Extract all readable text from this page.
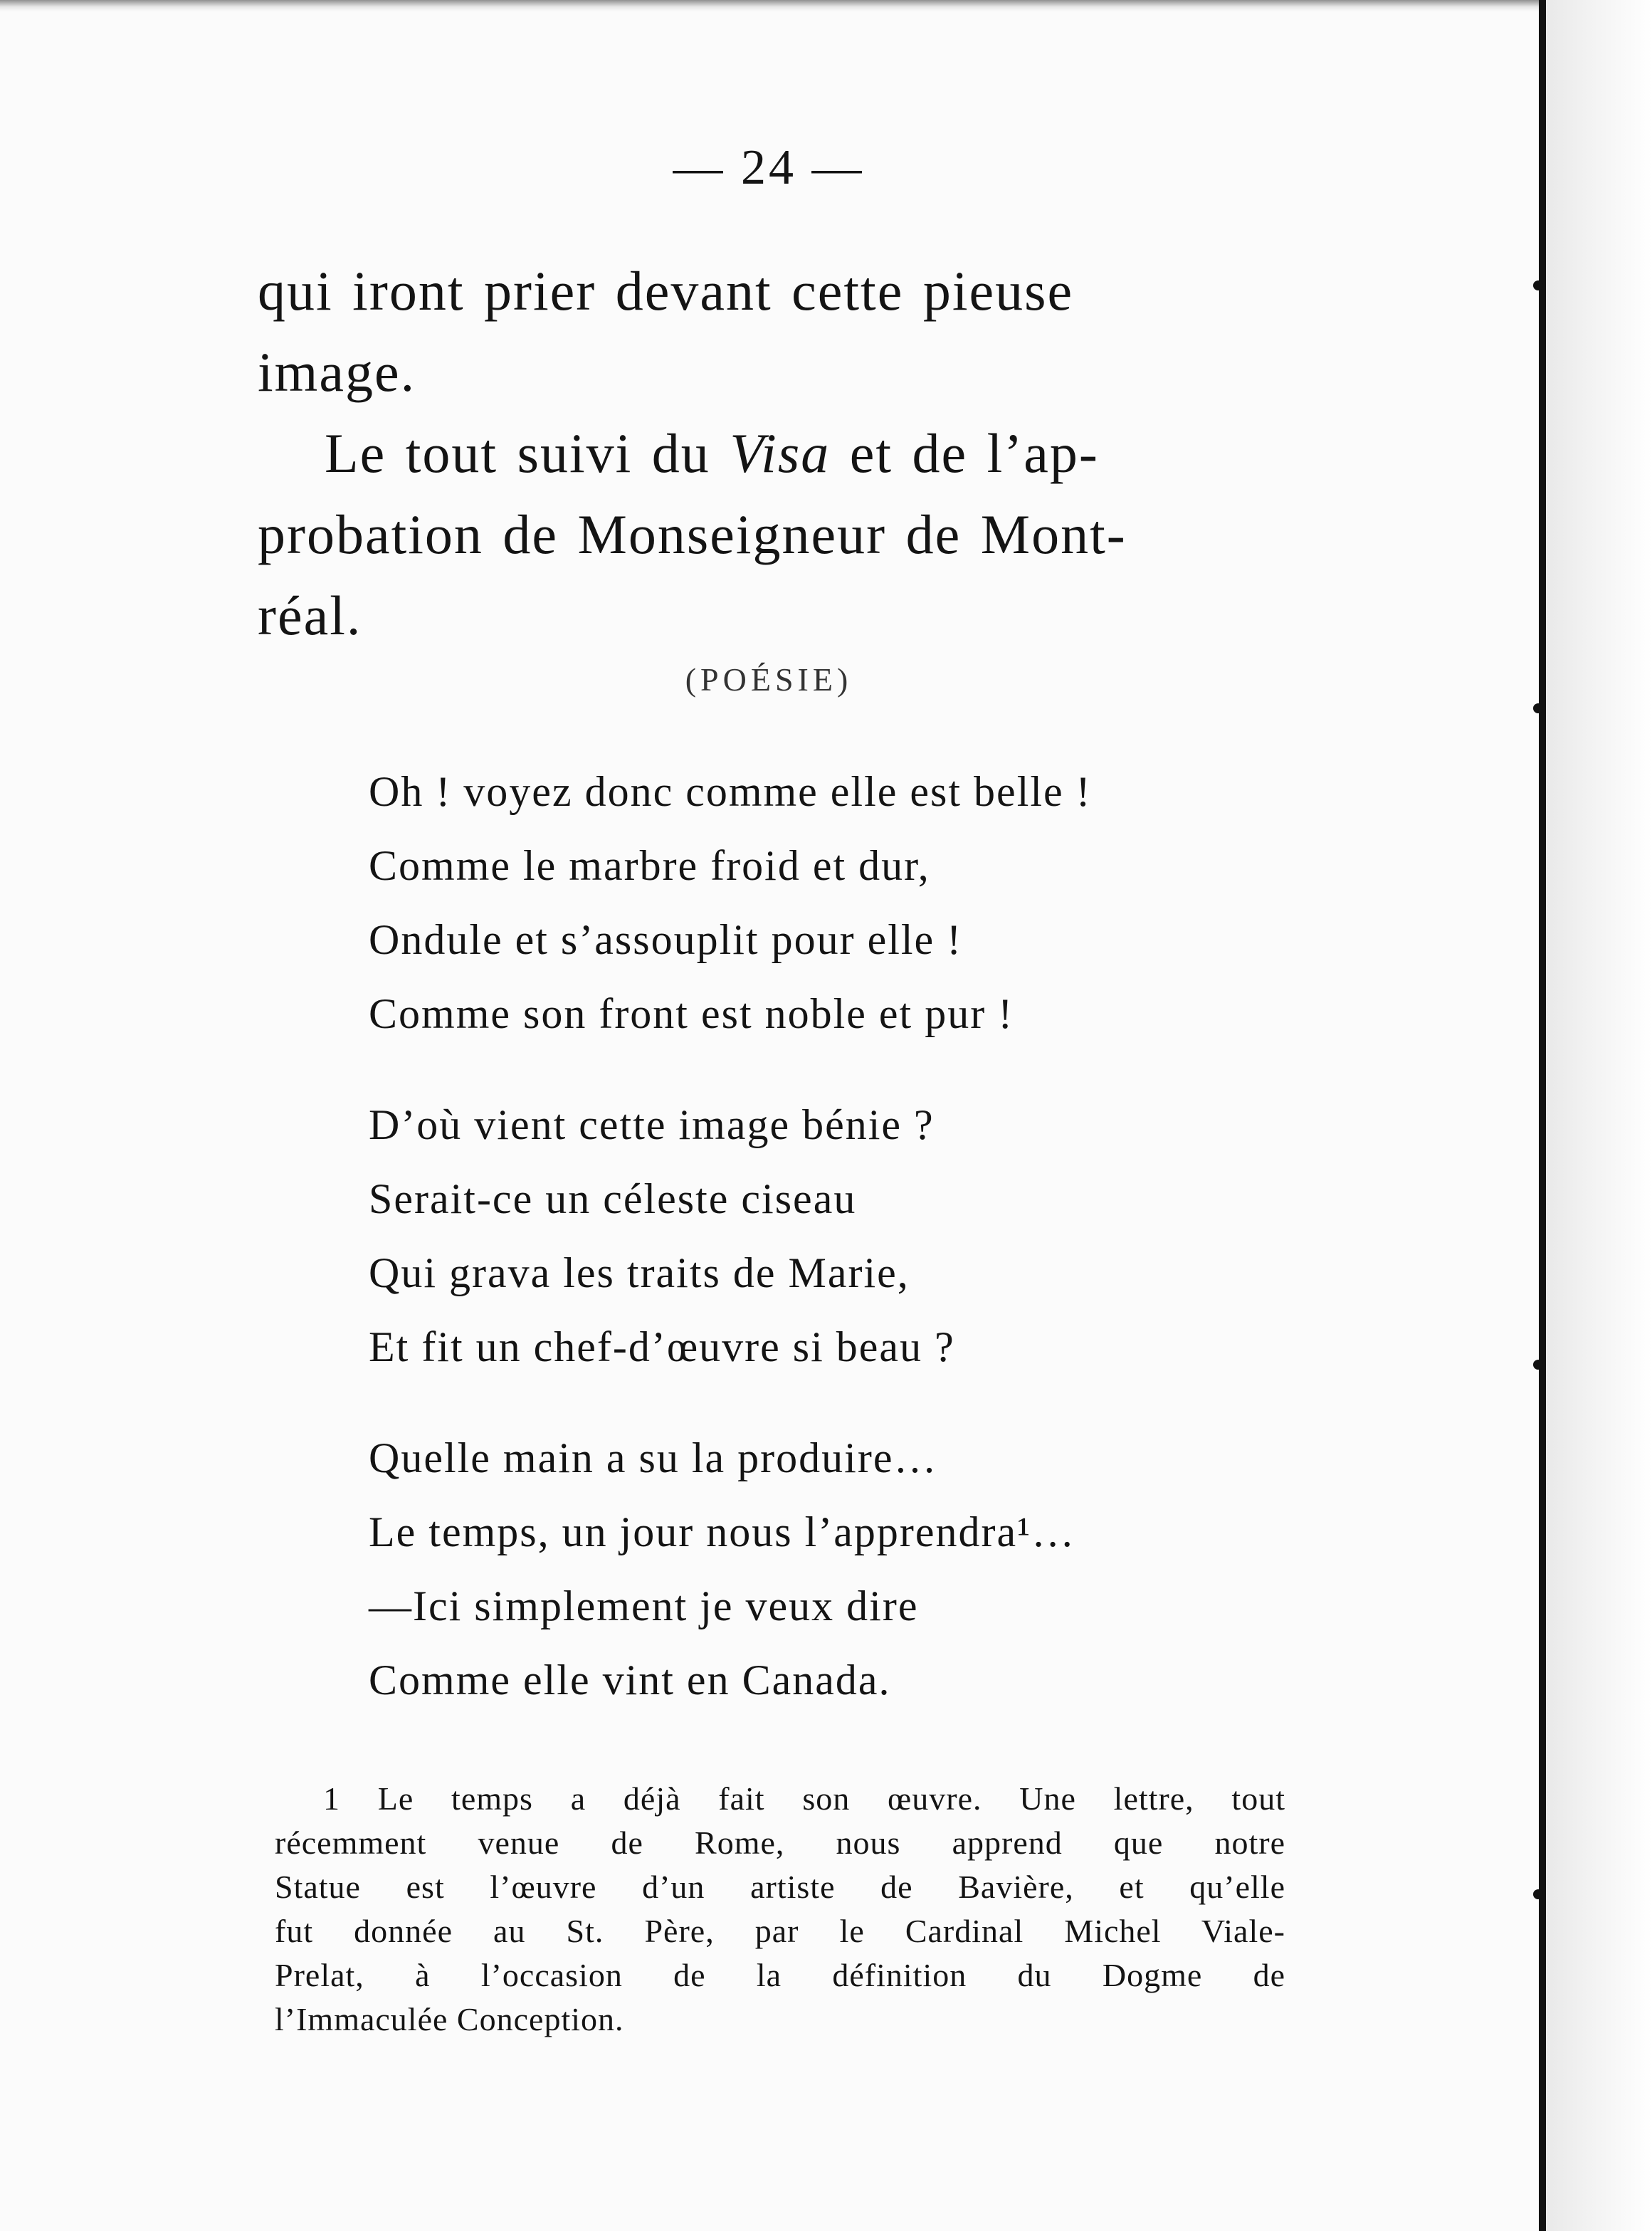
— 24 —

qui iront prier devant cette pieuse
image.

Le tout suivi du Visa et de l’ap-
probation de Monseigneur de Mont-
réal.

(POÉSIE)
Oh ! voyez donc comme elle est belle !
Comme le marbre froid et dur,
Ondule et s’assouplit pour elle !
Comme son front est noble et pur !
D’où vient cette image bénie ?
Serait-ce un céleste ciseau
Qui grava les traits de Marie,
Et fit un chef-d’œuvre si beau ?
Quelle main a su la produire…
Le temps, un jour nous l’apprendra¹…
—Ici simplement je veux dire
Comme elle vint en Canada.
1 Le temps a déjà fait son œuvre. Une lettre, tout
récemment venue de Rome, nous apprend que notre
Statue est l’œuvre d’un artiste de Bavière, et qu’elle
fut donnée au St. Père, par le Cardinal Michel Viale-
Prelat, à l’occasion de la définition du Dogme de
l’Immaculée Conception.
